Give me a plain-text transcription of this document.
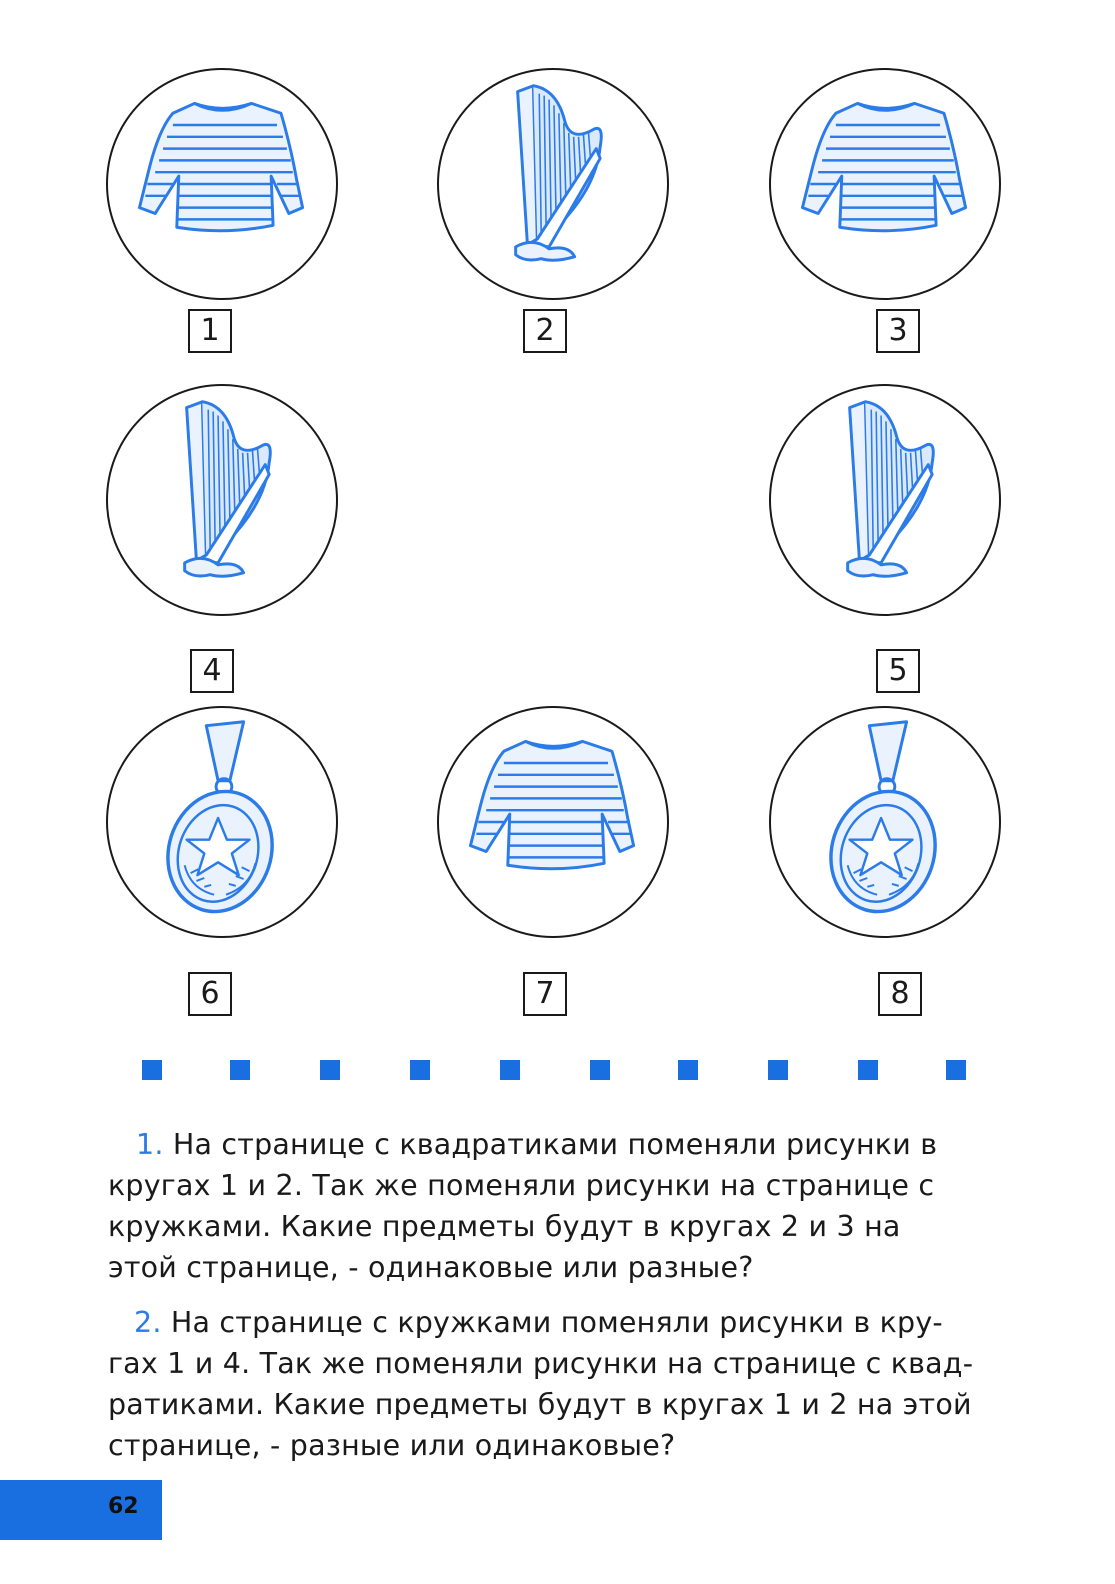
1	2	3
4	5
6	7	8
1. На странице с квадратиками поменяли рисунки в
кругах 1 и 2. Так же поменяли рисунки на странице с
кружками. Какие предметы будут в кругах 2 и 3 на
этой странице, - одинаковые или разные?
2. На странице с кружками поменяли рисунки в кру-
гах 1 и 4. Так же поменяли рисунки на странице с квад-
ратиками. Какие предметы будут в кругах 1 и 2 на этой
странице, - разные или одинаковые?
62
